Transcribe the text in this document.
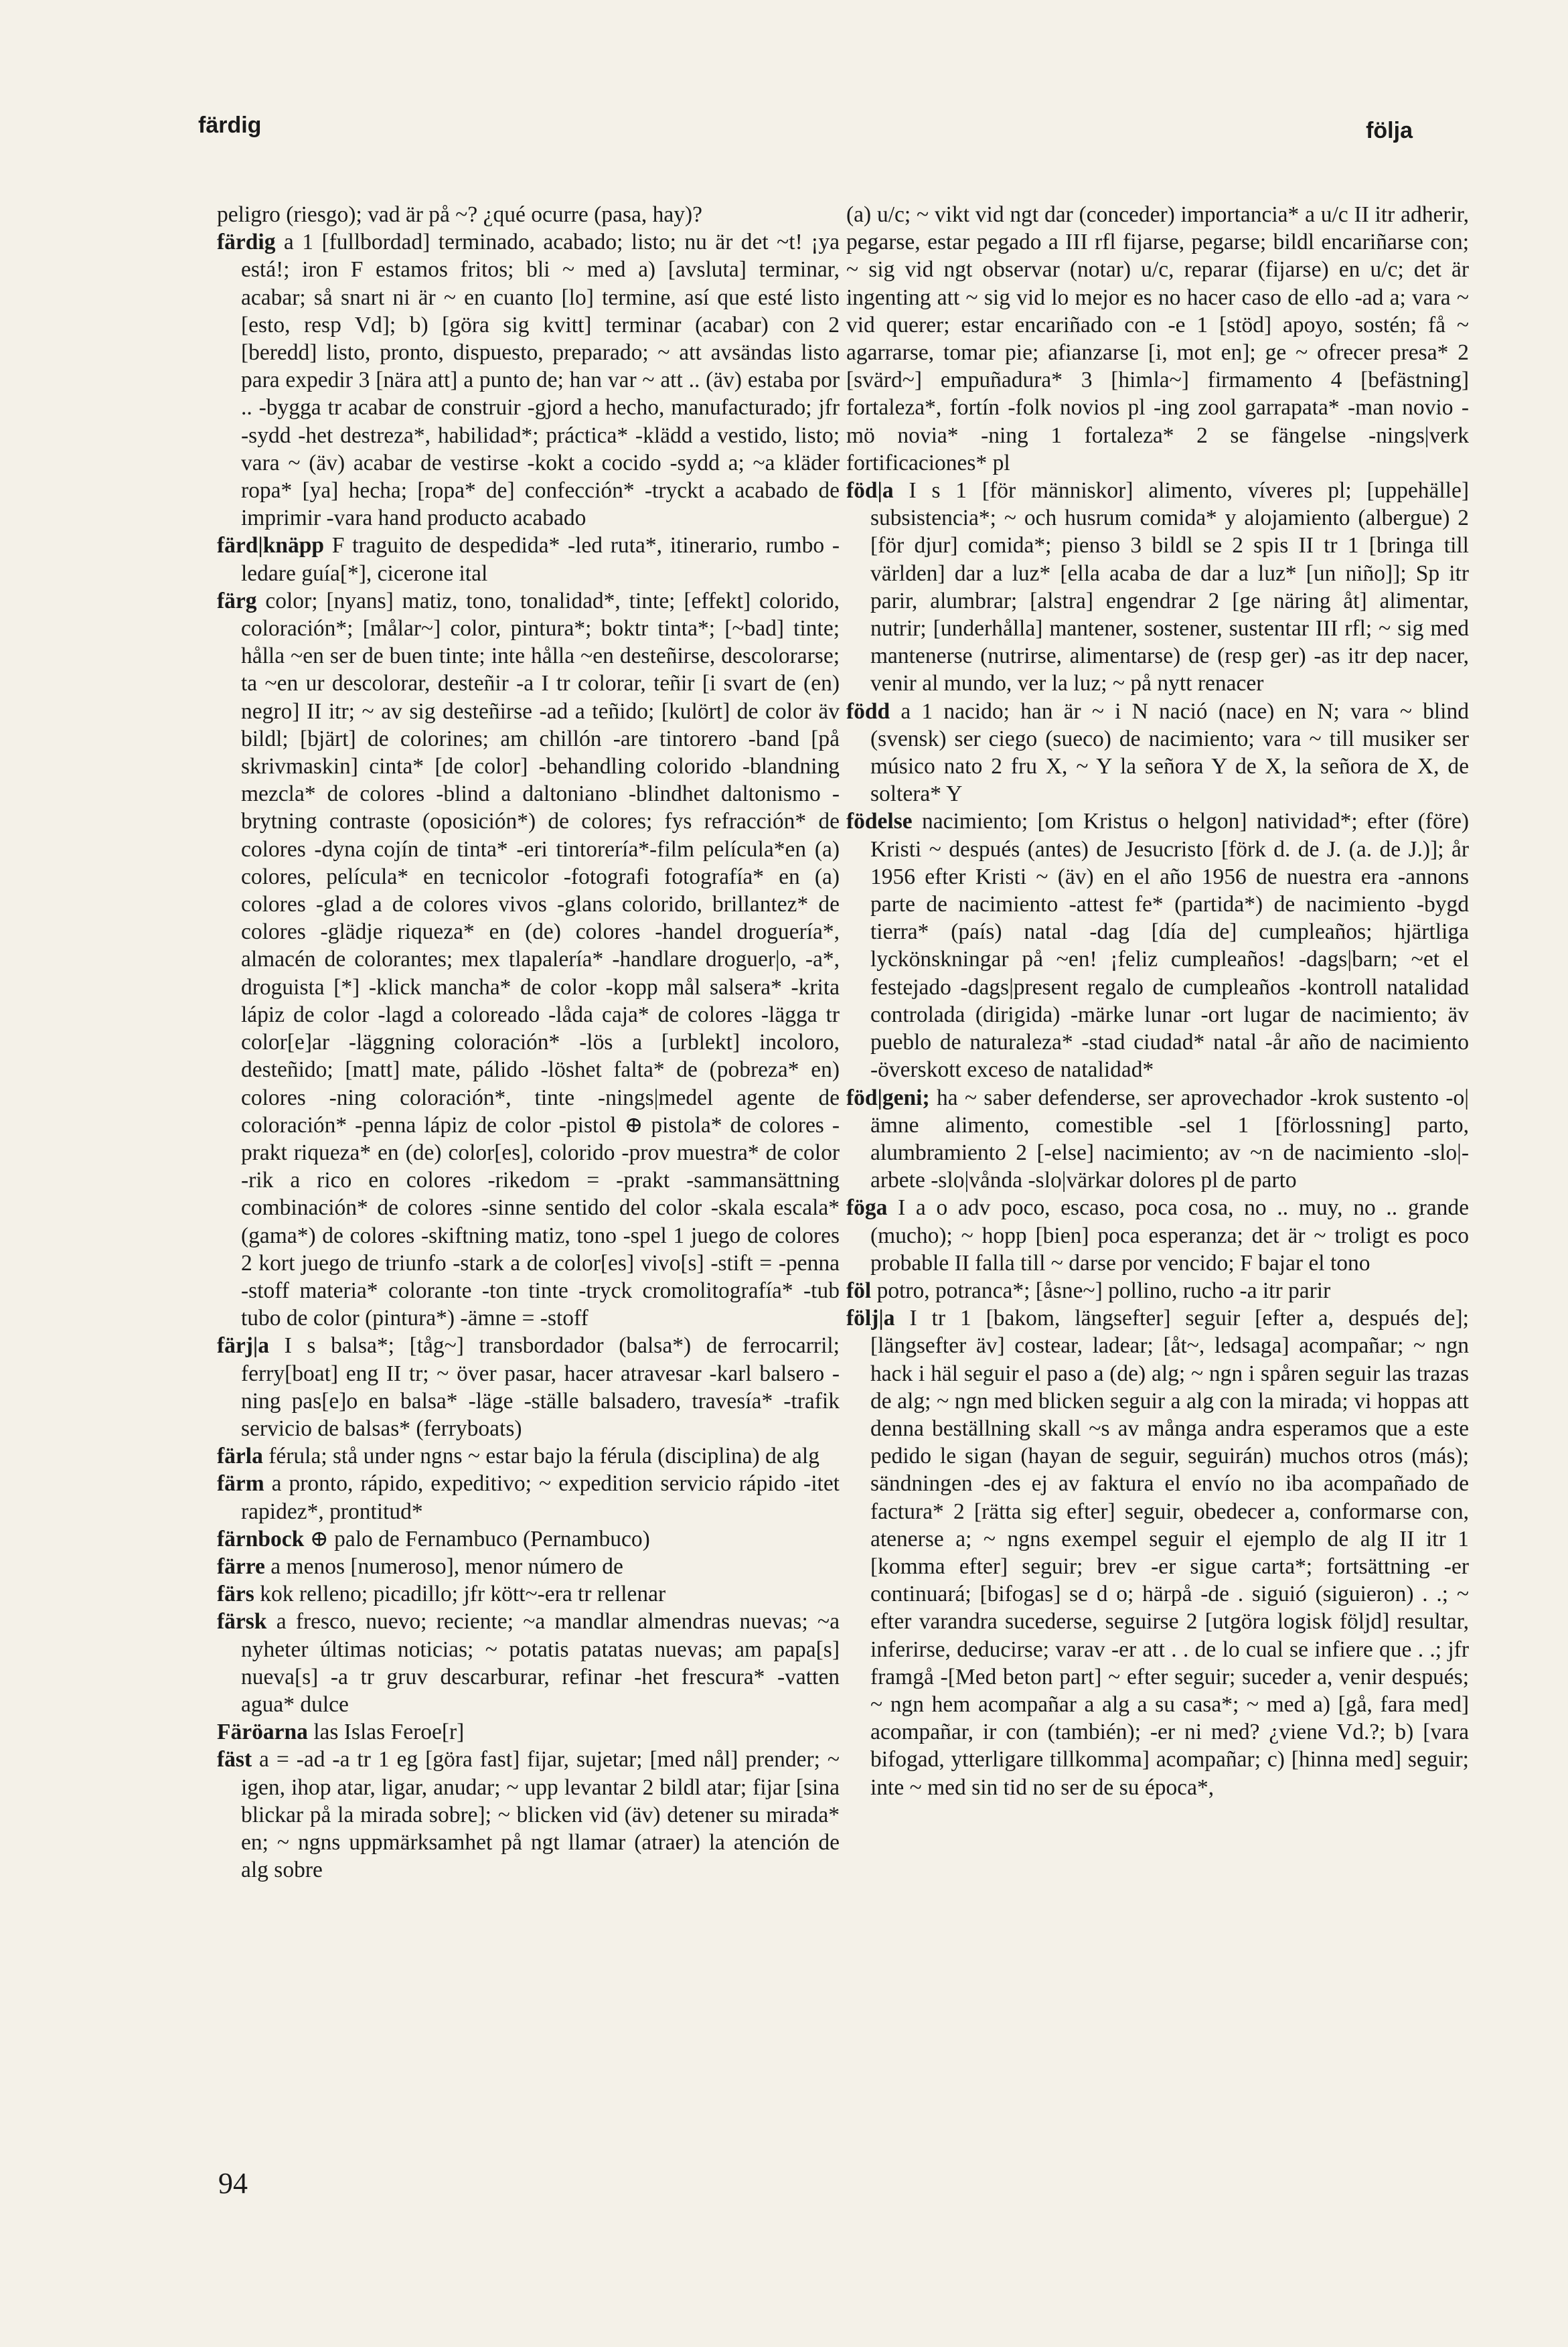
färdig	följa

peligro (riesgo); vad är på ~? ¿qué ocurre (pasa, hay)?

färdig a 1 [fullbordad] terminado, acabado; listo; nu är det ~t! ¡ya está!; iron F estamos fritos; bli ~ med a) [avsluta] terminar, acabar; så snart ni är ~ en cuanto [lo] termine, así que esté listo [esto, resp Vd]; b) [göra sig kvitt] terminar (acabar) con 2 [beredd] listo, pronto, dispuesto, preparado; ~ att avsändas listo para expedir 3 [nära att] a punto de; han var ~ att .. (äv) estaba por .. -bygga tr acabar de construir -gjord a hecho, manufacturado; jfr -sydd -het destreza*, habilidad*; práctica* -klädd a vestido, listo; vara ~ (äv) acabar de vestirse -kokt a cocido -sydd a; ~a kläder ropa* [ya] hecha; [ropa* de] confección* -tryckt a acabado de imprimir -vara hand producto acabado

färd|knäpp F traguito de despedida* -led ruta*, itinerario, rumbo -ledare guía[*], cicerone ital

färg color; [nyans] matiz, tono, tonalidad*, tinte; [effekt] colorido, coloración*; [målar~] color, pintura*; boktr tinta*; [~bad] tinte; hålla ~en ser de buen tinte; inte hålla ~en desteñirse, descolorarse; ta ~en ur descolorar, desteñir -a I tr colorar, teñir [i svart de (en) negro] II itr; ~ av sig desteñirse -ad a teñido; [kulört] de color äv bildl; [bjärt] de colorines; am chillón -are tintorero -band [på skrivmaskin] cinta* [de color] -behandling colorido -blandning mezcla* de colores -blind a daltoniano -blindhet daltonismo -brytning contraste (oposición*) de colores; fys refracción* de colores -dyna cojín de tinta* -eri tintorería*-film película*en (a) colores, película* en tecnicolor -fotografi fotografía* en (a) colores -glad a de colores vivos -glans colorido, brillantez* de colores -glädje riqueza* en (de) colores -handel droguería*, almacén de colorantes; mex tlapalería* -handlare droguer|o, -a*, droguista [*] -klick mancha* de color -kopp mål salsera* -krita lápiz de color -lagd a coloreado -låda caja* de colores -lägga tr color[e]ar -läggning coloración* -lös a [urblekt] incoloro, desteñido; [matt] mate, pálido -löshet falta* de (pobreza* en) colores -ning coloración*, tinte -nings|medel agente de coloración* -penna lápiz de color -pistol ⊕ pistola* de colores -prakt riqueza* en (de) color[es], colorido -prov muestra* de color -rik a rico en colores -rikedom = -prakt -sammansättning combinación* de colores -sinne sentido del color -skala escala* (gama*) de colores -skiftning matiz, tono -spel 1 juego de colores 2 kort juego de triunfo -stark a de color[es] vivo[s] -stift = -penna -stoff materia* colorante -ton tinte -tryck cromolitografía* -tub tubo de color (pintura*) -ämne = -stoff

färj|a I s balsa*; [tåg~] transbordador (balsa*) de ferrocarril; ferry[boat] eng II tr; ~ över pasar, hacer atravesar -karl balsero -ning pas[e]o en balsa* -läge -ställe balsadero, travesía* -trafik servicio de balsas* (ferryboats)

färla férula; stå under ngns ~ estar bajo la férula (disciplina) de alg

färm a pronto, rápido, expeditivo; ~ expedition servicio rápido -itet rapidez*, prontitud*

färnbock ⊕ palo de Fernambuco (Pernambuco)

färre a menos [numeroso], menor número de

färs kok relleno; picadillo; jfr kött~-era tr rellenar

färsk a fresco, nuevo; reciente; ~a mandlar almendras nuevas; ~a nyheter últimas noticias; ~ potatis patatas nuevas; am papa[s] nueva[s] -a tr gruv descarburar, refinar -het frescura* -vatten agua* dulce

Färöarna las Islas Feroe[r]

fäst a = -ad -a tr 1 eg [göra fast] fijar, sujetar; [med nål] prender; ~ igen, ihop atar, ligar, anudar; ~ upp levantar 2 bildl atar; fijar [sina blickar på la mirada sobre]; ~ blicken vid (äv) detener su mirada* en; ~ ngns uppmärksamhet på ngt llamar (atraer) la atención de alg sobre

(a) u/c; ~ vikt vid ngt dar (conceder) importancia* a u/c II itr adherir, pegarse, estar pegado a III rfl fijarse, pegarse; bildl encariñarse con; ~ sig vid ngt observar (notar) u/c, reparar (fijarse) en u/c; det är ingenting att ~ sig vid lo mejor es no hacer caso de ello -ad a; vara ~ vid querer; estar encariñado con -e 1 [stöd] apoyo, sostén; få ~ agarrarse, tomar pie; afianzarse [i, mot en]; ge ~ ofrecer presa* 2 [svärd~] empuñadura* 3 [himla~] firmamento 4 [befästning] fortaleza*, fortín -folk novios pl -ing zool garrapata* -man novio -mö novia* -ning 1 fortaleza* 2 se fängelse -nings|verk fortificaciones* pl

föd|a I s 1 [för människor] alimento, víveres pl; [uppehälle] subsistencia*; ~ och husrum comida* y alojamiento (albergue) 2 [för djur] comida*; pienso 3 bildl se 2 spis II tr 1 [bringa till världen] dar a luz* [ella acaba de dar a luz* [un niño]]; Sp itr parir, alumbrar; [alstra] engendrar 2 [ge näring åt] alimentar, nutrir; [underhålla] mantener, sostener, sustentar III rfl; ~ sig med mantenerse (nutrirse, alimentarse) de (resp ger) -as itr dep nacer, venir al mundo, ver la luz; ~ på nytt renacer

född a 1 nacido; han är ~ i N nació (nace) en N; vara ~ blind (svensk) ser ciego (sueco) de nacimiento; vara ~ till musiker ser músico nato 2 fru X, ~ Y la señora Y de X, la señora de X, de soltera* Y

födelse nacimiento; [om Kristus o helgon] natividad*; efter (före) Kristi ~ después (antes) de Jesucristo [förk d. de J. (a. de J.)]; år 1956 efter Kristi ~ (äv) en el año 1956 de nuestra era -annons parte de nacimiento -attest fe* (partida*) de nacimiento -bygd tierra* (país) natal -dag [día de] cumpleaños; hjärtliga lyckönskningar på ~en! ¡feliz cumpleaños! -dags|barn; ~et el festejado -dags|present regalo de cumpleaños -kontroll natalidad controlada (dirigida) -märke lunar -ort lugar de nacimiento; äv pueblo de naturaleza* -stad ciudad* natal -år año de nacimiento -överskott exceso de natalidad*

föd|geni; ha ~ saber defenderse, ser aprovechador -krok sustento -o|ämne alimento, comestible -sel 1 [förlossning] parto, alumbramiento 2 [-else] nacimiento; av ~n de nacimiento -slo|-arbete -slo|vånda -slo|värkar dolores pl de parto

föga I a o adv poco, escaso, poca cosa, no .. muy, no .. grande (mucho); ~ hopp [bien] poca esperanza; det är ~ troligt es poco probable II falla till ~ darse por vencido; F bajar el tono

föl potro, potranca*; [åsne~] pollino, rucho -a itr parir

följ|a I tr 1 [bakom, längsefter] seguir [efter a, después de]; [längsefter äv] costear, ladear; [åt~, ledsaga] acompañar; ~ ngn hack i häl seguir el paso a (de) alg; ~ ngn i spåren seguir las trazas de alg; ~ ngn med blicken seguir a alg con la mirada; vi hoppas att denna beställning skall ~s av många andra esperamos que a este pedido le sigan (hayan de seguir, seguirán) muchos otros (más); sändningen -des ej av faktura el envío no iba acompañado de factura* 2 [rätta sig efter] seguir, obedecer a, conformarse con, atenerse a; ~ ngns exempel seguir el ejemplo de alg II itr 1 [komma efter] seguir; brev -er sigue carta*; fortsättning -er continuará; [bifogas] se d o; härpå -de . siguió (siguieron) . .; ~ efter varandra sucederse, seguirse 2 [utgöra logisk följd] resultar, inferirse, deducirse; varav -er att . . de lo cual se infiere que . .; jfr framgå -[Med beton part] ~ efter seguir; suceder a, venir después; ~ ngn hem acompañar a alg a su casa*; ~ med a) [gå, fara med] acompañar, ir con (también); -er ni med? ¿viene Vd.?; b) [vara bifogad, ytterligare tillkomma] acompañar; c) [hinna med] seguir; inte ~ med sin tid no ser de su época*,

94
